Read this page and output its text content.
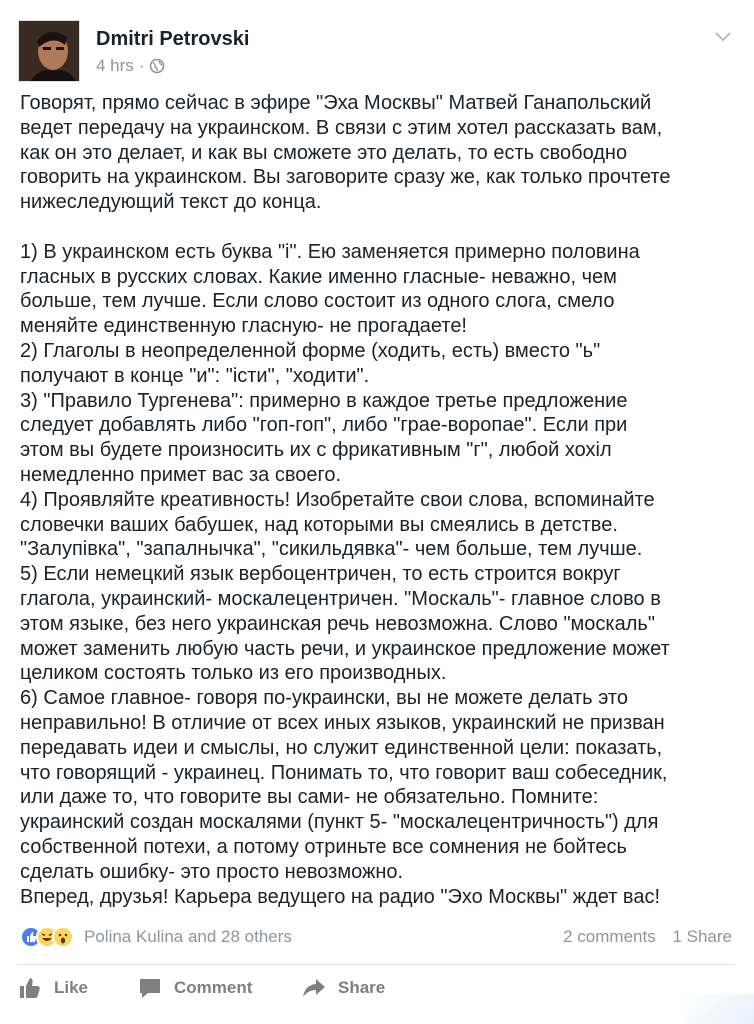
Dmitri Petrovski
4 hrs ·

Говорят, прямо сейчас в эфире "Эха Москвы" Матвей Ганапольский

ведет передачу на украинском. В связи с этим хотел рассказать вам,

как он это делает, и как вы сможете это делать, то есть свободно

говорить на украинском. Вы заговорите сразу же, как только прочтете

нижеследующий текст до конца.

1) В украинском есть буква "і". Ею заменяется примерно половина

гласных в русских словах. Какие именно гласные- неважно, чем

больше, тем лучше. Если слово состоит из одного слога, смело

меняйте единственную гласную- не прогадаете!

2) Глаголы в неопределенной форме (ходить, есть) вместо "ь"

получают в конце "и": "істи", "ходити".

3) "Правило Тургенева": примерно в каждое третье предложение

следует добавлять либо "гоп-гоп", либо "грае-воропае". Если при

этом вы будете произносить их с фрикативным "г", любой хохіл

немедленно примет вас за своего.

4) Проявляйте креативность! Изобретайте свои слова, вспоминайте

словечки ваших бабушек, над которыми вы смеялись в детстве.

"Залупівка", "запалнычка", "сикильдявка"- чем больше, тем лучше.

5) Если немецкий язык вербоцентричен, то есть строится вокруг

глагола, украинский- москалецентричен. "Москаль"- главное слово в

этом языке, без него украинская речь невозможна. Слово "москаль"

может заменить любую часть речи, и украинское предложение может

целиком состоять только из его производных.

6) Самое главное- говоря по-украински, вы не можете делать это

неправильно! В отличие от всех иных языков, украинский не призван

передавать идеи и смыслы, но служит единственной цели: показать,

что говорящий - украинец. Понимать то, что говорит ваш собеседник,

или даже то, что говорите вы сами- не обязательно. Помните:

украинский создан москалями (пункт 5- "москалецентричность") для

собственной потехи, а потому отриньте все сомнения не бойтесь

сделать ошибку- это просто невозможно.

Вперед, друзья! Карьера ведущего на радио "Эхо Москвы" ждет вас!

Polina Kulina and 28 others	2 comments 1 Share
Like	Comment	Share
